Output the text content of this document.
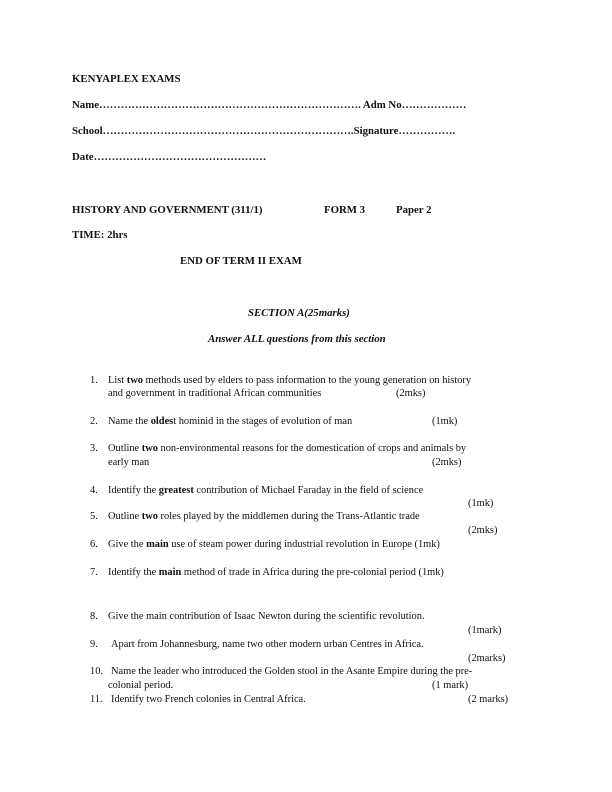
KENYAPLEX EXAMS
Name………………………………………………………………. Adm No………………
School…………………………………………………………….Signature…………….
Date…………………………………………
HISTORY AND GOVERNMENT (311/1)	FORM 3	Paper 2
TIME: 2hrs
END OF TERM II EXAM
SECTION A(25marks)
Answer ALL questions from this section
1. List two methods used by elders to pass information to the young generation on history
and government in traditional African communities	(2mks)
2. Name the oldest hominid in the stages of evolution of man	(1mk)
3. Outline two non-environmental reasons for the domestication of crops and animals by
early man	(2mks)
4. Identify the greatest contribution of Michael Faraday in the field of science
(1mk)
5. Outline two roles played by the middlemen during the Trans-Atlantic trade
(2mks)
6. Give the main use of steam power during industrial revolution in Europe (1mk)
7. Identify the main method of trade in Africa during the pre-colonial period (1mk)
8. Give the main contribution of Isaac Newton during the scientific revolution.
(1mark)
9. Apart from Johannesburg, name two other modern urban Centres in Africa.
(2marks)
10. Name the leader who introduced the Golden stool in the Asante Empire during the pre-
colonial period.	(1 mark)
11. Identify two French colonies in Central Africa.	(2 marks)
